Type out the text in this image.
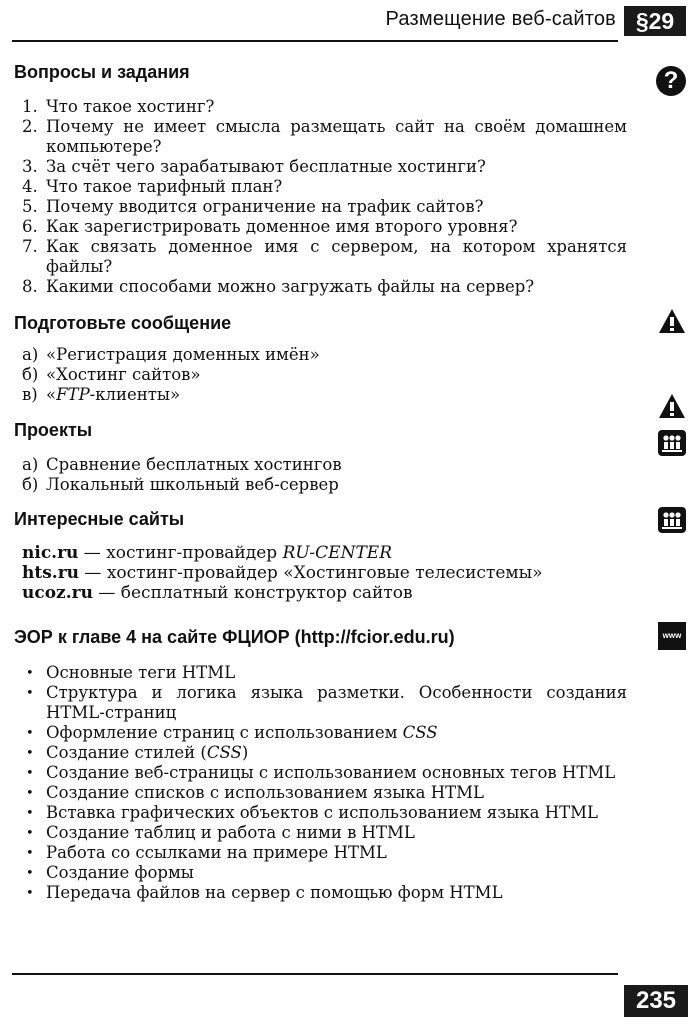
Размещение веб-сайтов §29
?
www
Вопросы и задания
1. Что такое хостинг?
2. Почему не имеет смысла размещать сайт на своём домашнем компьютере?
3. За счёт чего зарабатывают бесплатные хостинги?
4. Что такое тарифный план?
5. Почему вводится ограничение на трафик сайтов?
6. Как зарегистрировать доменное имя второго уровня?
7. Как связать доменное имя с сервером, на котором хранятся файлы?
8. Какими способами можно загружать файлы на сервер?
Подготовьте сообщение
а) «Регистрация доменных имён»
б) «Хостинг сайтов»
в) «FTP-клиенты»
Проекты
а) Сравнение бесплатных хостингов
б) Локальный школьный веб-сервер
Интересные сайты
nic.ru — хостинг-провайдер RU-CENTER
hts.ru — хостинг-провайдер «Хостинговые телесистемы»
ucoz.ru — бесплатный конструктор сайтов
ЭОР к главе 4 на сайте ФЦИОР (http://fcior.edu.ru)
• Основные теги HTML
• Структура и логика языка разметки. Особенности создания HTML-страниц
• Оформление страниц с использованием CSS
• Создание стилей (CSS)
• Создание веб-страницы с использованием основных тегов HTML
• Создание списков с использованием языка HTML
• Вставка графических объектов с использованием языка HTML
• Создание таблиц и работа с ними в HTML
• Работа со ссылками на примере HTML
• Создание формы
• Передача файлов на сервер с помощью форм HTML
235
